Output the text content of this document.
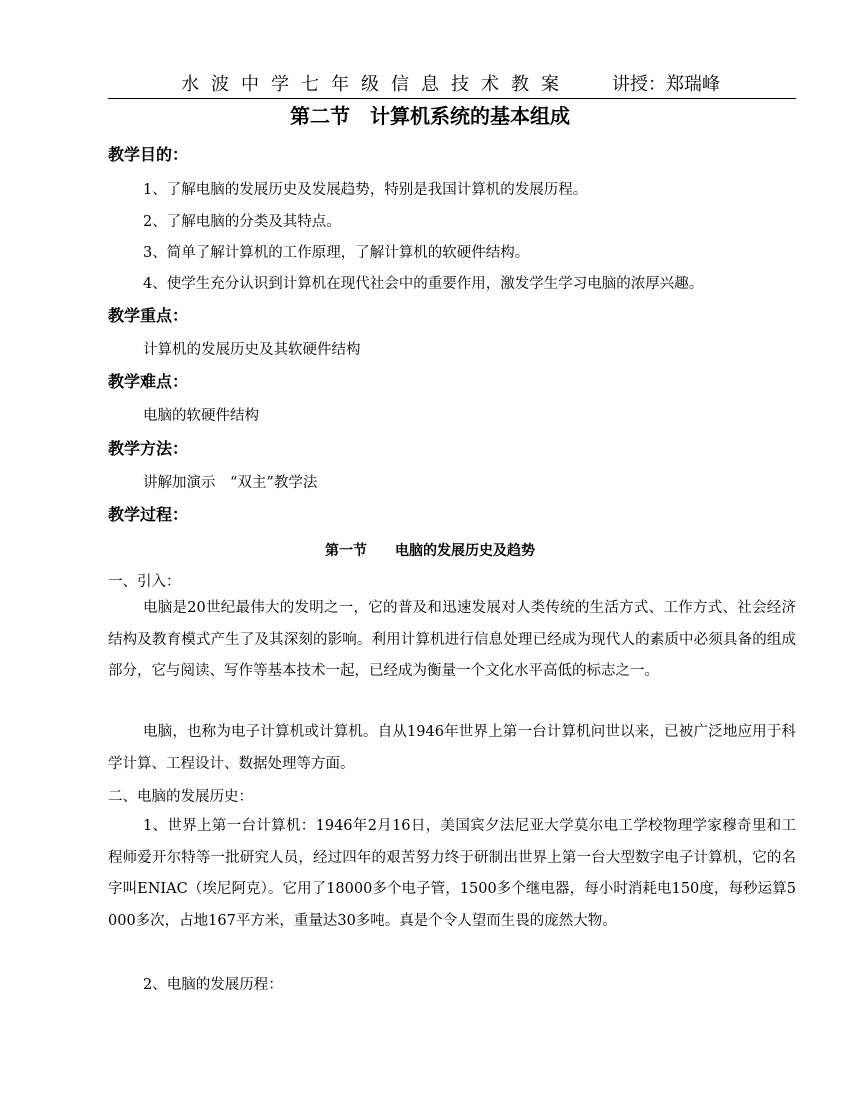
水波中学七年级信息技术教案 讲授：郑瑞峰
第二节　计算机系统的基本组成
教学目的：
1、了解电脑的发展历史及发展趋势，特别是我国计算机的发展历程。
2、了解电脑的分类及其特点。
3、简单了解计算机的工作原理，了解计算机的软硬件结构。
4、使学生充分认识到计算机在现代社会中的重要作用，激发学生学习电脑的浓厚兴趣。
教学重点：
计算机的发展历史及其软硬件结构
教学难点：
电脑的软硬件结构
教学方法：
讲解加演示　“双主”教学法
教学过程：
第一节　　电脑的发展历史及趋势
一、引入：
电脑是20世纪最伟大的发明之一，它的普及和迅速发展对人类传统的生活方式、工作方式、社会经济结构及教育模式产生了及其深刻的影响。利用计算机进行信息处理已经成为现代人的素质中必须具备的组成部分，它与阅读、写作等基本技术一起，已经成为衡量一个文化水平高低的标志之一。
电脑，也称为电子计算机或计算机。自从1946年世界上第一台计算机问世以来，已被广泛地应用于科学计算、工程设计、数据处理等方面。
二、电脑的发展历史：
1、世界上第一台计算机：1946年2月16日，美国宾夕法尼亚大学莫尔电工学校物理学家穆奇里和工程师爱开尔特等一批研究人员，经过四年的艰苦努力终于研制出世界上第一台大型数字电子计算机，它的名字叫ENIAC（埃尼阿克）。它用了18000多个电子管，1500多个继电器，每小时消耗电150度，每秒运算5000多次，占地167平方米，重量达30多吨。真是个令人望而生畏的庞然大物。
2、电脑的发展历程：
